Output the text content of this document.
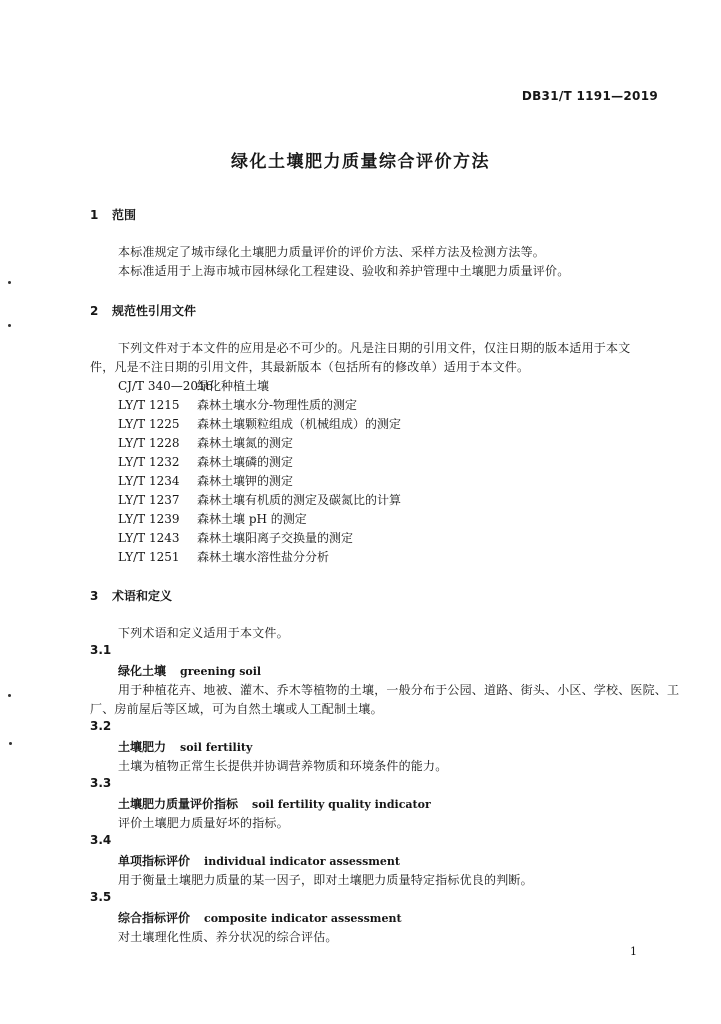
DB31/T 1191—2019
绿化土壤肥力质量综合评价方法
1 范围
本标准规定了城市绿化土壤肥力质量评价的评价方法、采样方法及检测方法等。
本标准适用于上海市城市园林绿化工程建设、验收和养护管理中土壤肥力质量评价。
2 规范性引用文件
下列文件对于本文件的应用是必不可少的。凡是注日期的引用文件，仅注日期的版本适用于本文
件，凡是不注日期的引用文件，其最新版本（包括所有的修改单）适用于本文件。
CJ/T 340—2016绿化种植土壤
LY/T 1215 森林土壤水分-物理性质的测定
LY/T 1225 森林土壤颗粒组成（机械组成）的测定
LY/T 1228 森林土壤氮的测定
LY/T 1232 森林土壤磷的测定
LY/T 1234 森林土壤钾的测定
LY/T 1237 森林土壤有机质的测定及碳氮比的计算
LY/T 1239 森林土壤 pH 的测定
LY/T 1243 森林土壤阳离子交换量的测定
LY/T 1251 森林土壤水溶性盐分分析
3 术语和定义
下列术语和定义适用于本文件。
3.1
绿化土壤 greening soil
用于种植花卉、地被、灌木、乔木等植物的土壤，一般分布于公园、道路、街头、小区、学校、医院、工
厂、房前屋后等区域，可为自然土壤或人工配制土壤。
3.2
土壤肥力 soil fertility
土壤为植物正常生长提供并协调营养物质和环境条件的能力。
3.3
土壤肥力质量评价指标 soil fertility quality indicator
评价土壤肥力质量好坏的指标。
3.4
单项指标评价 individual indicator assessment
用于衡量土壤肥力质量的某一因子，即对土壤肥力质量特定指标优良的判断。
3.5
综合指标评价 composite indicator assessment
对土壤理化性质、养分状况的综合评估。
1
